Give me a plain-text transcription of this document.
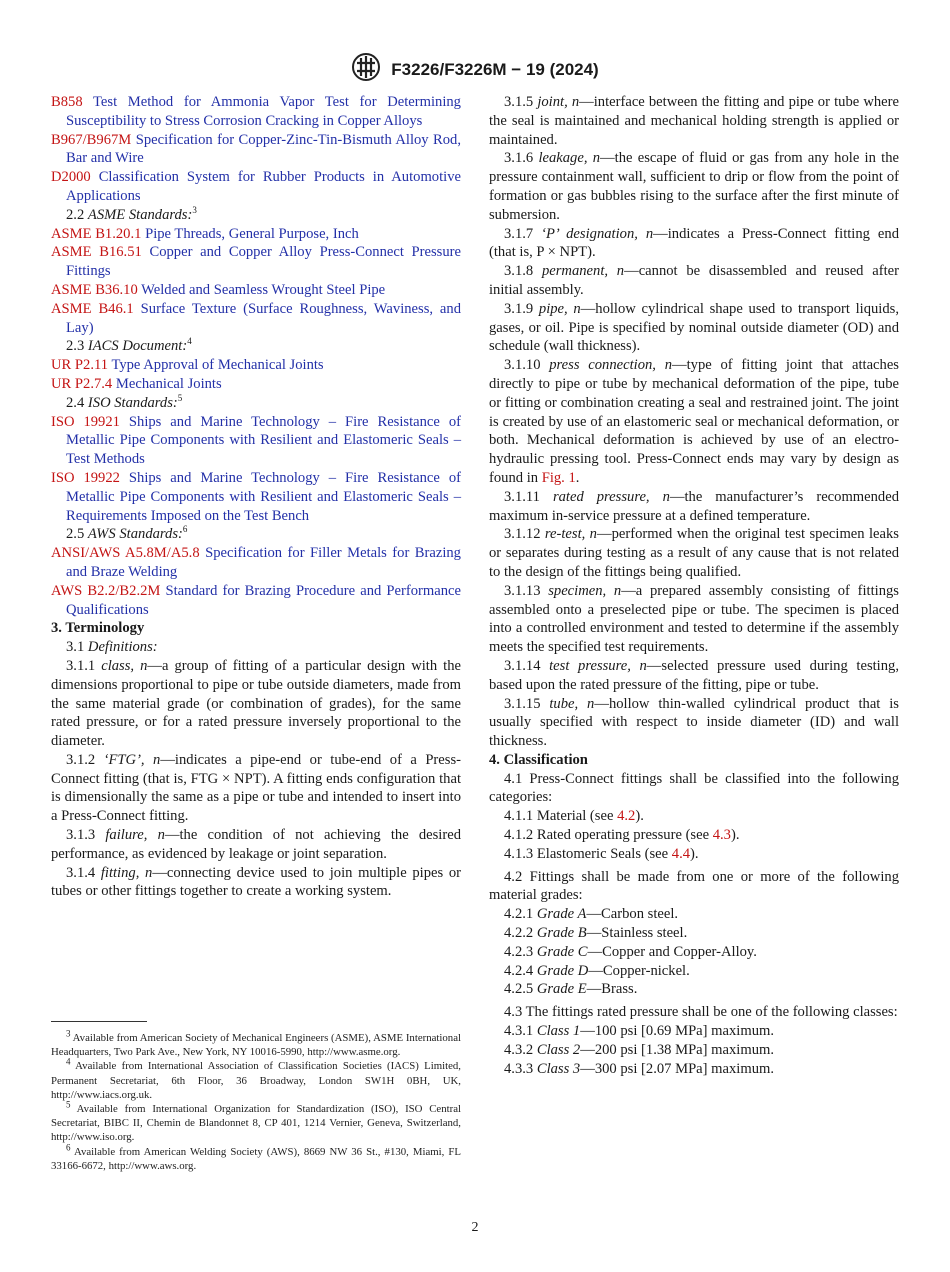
F3226/F3226M − 19 (2024)

B858 Test Method for Ammonia Vapor Test for Determining Susceptibility to Stress Corrosion Cracking in Copper Alloys

B967/B967M Specification for Copper-Zinc-Tin-Bismuth Alloy Rod, Bar and Wire

D2000 Classification System for Rubber Products in Automotive Applications

2.2 ASME Standards:$^3$

ASME B1.20.1 Pipe Threads, General Purpose, Inch

ASME B16.51 Copper and Copper Alloy Press-Connect Pressure Fittings

ASME B36.10 Welded and Seamless Wrought Steel Pipe

ASME B46.1 Surface Texture (Surface Roughness, Waviness, and Lay)

2.3 IACS Document:$^4$

UR P2.11 Type Approval of Mechanical Joints

UR P2.7.4 Mechanical Joints

2.4 ISO Standards:$^5$

ISO 19921 Ships and Marine Technology – Fire Resistance of Metallic Pipe Components with Resilient and Elastomeric Seals – Test Methods

ISO 19922 Ships and Marine Technology – Fire Resistance of Metallic Pipe Components with Resilient and Elastomeric Seals – Requirements Imposed on the Test Bench

2.5 AWS Standards:$^6$

ANSI/AWS A5.8M/A5.8 Specification for Filler Metals for Brazing and Braze Welding

AWS B2.2/B2.2M Standard for Brazing Procedure and Performance Qualifications

3. Terminology

3.1 Definitions:

3.1.1 class, n—a group of fitting of a particular design with the dimensions proportional to pipe or tube outside diameters, made from the same material grade (or combination of grades), for the same rated pressure, or for a rated pressure inversely proportional to the diameter.

3.1.2 ‘FTG’, n—indicates a pipe-end or tube-end of a Press-Connect fitting (that is, FTG × NPT). A fitting ends configuration that is dimensionally the same as a pipe or tube and intended to insert into a Press-Connect fitting.

3.1.3 failure, n—the condition of not achieving the desired performance, as evidenced by leakage or joint separation.

3.1.4 fitting, n—connecting device used to join multiple pipes or tubes or other fittings together to create a working system.

$^3$ Available from American Society of Mechanical Engineers (ASME), ASME International Headquarters, Two Park Ave., New York, NY 10016-5990, http://www.asme.org.

$^4$ Available from International Association of Classification Societies (IACS) Limited, Permanent Secretariat, 6th Floor, 36 Broadway, London SW1H 0BH, UK, http://www.iacs.org.uk.

$^5$ Available from International Organization for Standardization (ISO), ISO Central Secretariat, BIBC II, Chemin de Blandonnet 8, CP 401, 1214 Vernier, Geneva, Switzerland, http://www.iso.org.

$^6$ Available from American Welding Society (AWS), 8669 NW 36 St., #130, Miami, FL 33166-6672, http://www.aws.org.

3.1.5 joint, n—interface between the fitting and pipe or tube where the seal is maintained and mechanical holding strength is applied or maintained.

3.1.6 leakage, n—the escape of fluid or gas from any hole in the pressure containment wall, sufficient to drip or flow from the point of formation or gas bubbles rising to the surface after the first minute of submersion.

3.1.7 ‘P’ designation, n—indicates a Press-Connect fitting end (that is, P × NPT).

3.1.8 permanent, n—cannot be disassembled and reused after initial assembly.

3.1.9 pipe, n—hollow cylindrical shape used to transport liquids, gases, or oil. Pipe is specified by nominal outside diameter (OD) and schedule (wall thickness).

3.1.10 press connection, n—type of fitting joint that attaches directly to pipe or tube by mechanical deformation of the pipe, tube or fitting or combination creating a seal and restrained joint. The joint is created by use of an elastomeric seal or mechanical deformation, or both. Mechanical deformation is achieved by use of an electro-hydraulic pressing tool. Press-Connect ends may vary by design as found in Fig. 1.

3.1.11 rated pressure, n—the manufacturer’s recommended maximum in-service pressure at a defined temperature.

3.1.12 re-test, n—performed when the original test specimen leaks or separates during testing as a result of any cause that is not related to the design of the fittings being qualified.

3.1.13 specimen, n—a prepared assembly consisting of fittings assembled onto a preselected pipe or tube. The specimen is placed into a controlled environment and tested to determine if the assembly meets the specified test requirements.

3.1.14 test pressure, n—selected pressure used during testing, based upon the rated pressure of the fitting, pipe or tube.

3.1.15 tube, n—hollow thin-walled cylindrical product that is usually specified with respect to inside diameter (ID) and wall thickness.

4. Classification

4.1 Press-Connect fittings shall be classified into the following categories:

4.1.1 Material (see 4.2).

4.1.2 Rated operating pressure (see 4.3).

4.1.3 Elastomeric Seals (see 4.4).

4.2 Fittings shall be made from one or more of the following material grades:

4.2.1 Grade A—Carbon steel.

4.2.2 Grade B—Stainless steel.

4.2.3 Grade C—Copper and Copper-Alloy.

4.2.4 Grade D—Copper-nickel.

4.2.5 Grade E—Brass.

4.3 The fittings rated pressure shall be one of the following classes:

4.3.1 Class 1—100 psi [0.69 MPa] maximum.

4.3.2 Class 2—200 psi [1.38 MPa] maximum.

4.3.3 Class 3—300 psi [2.07 MPa] maximum.

2
